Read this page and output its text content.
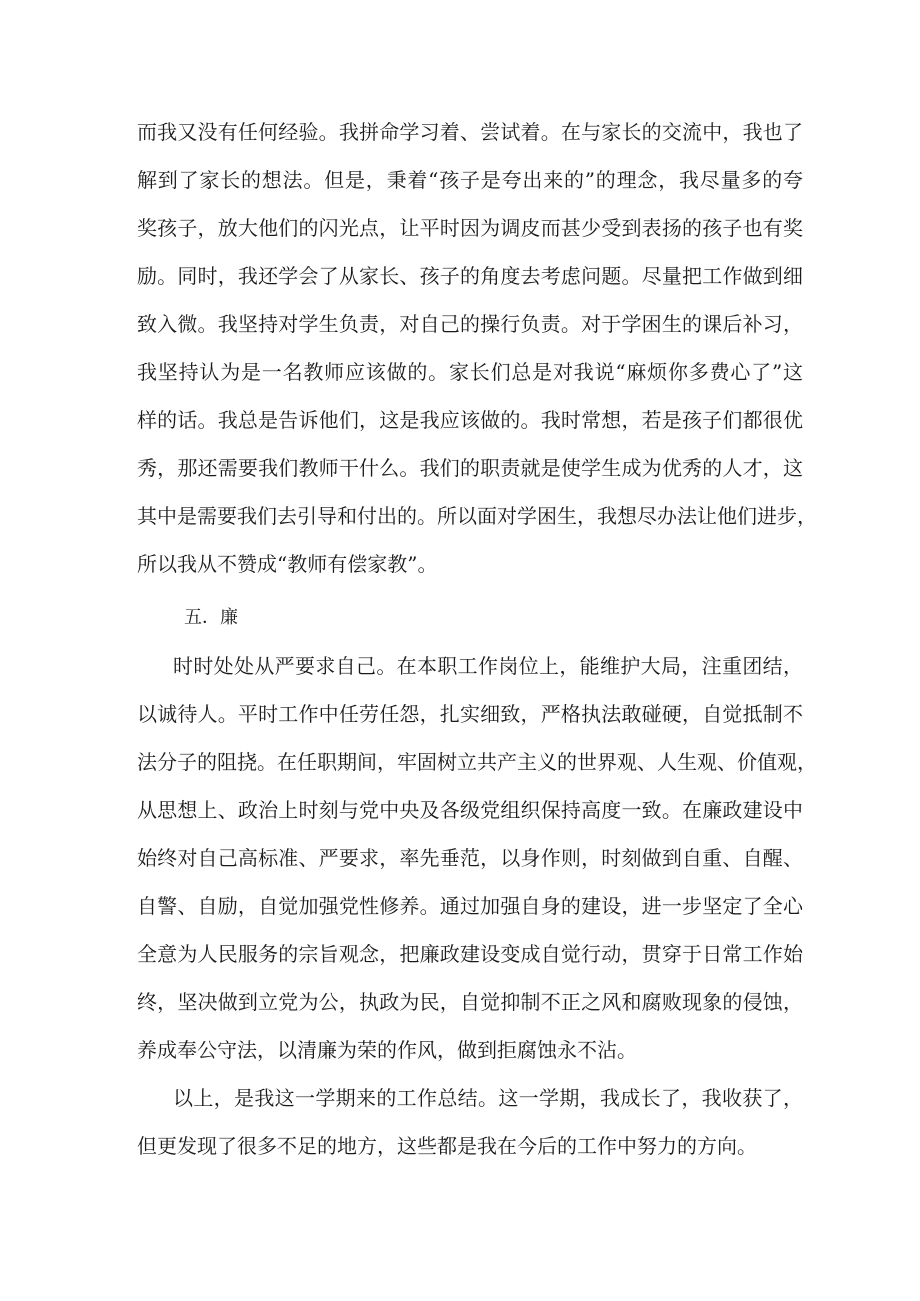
而我又没有任何经验。我拼命学习着、尝试着。在与家长的交流中，我也了
解到了家长的想法。但是，秉着“孩子是夸出来的”的理念，我尽量多的夸
奖孩子，放大他们的闪光点，让平时因为调皮而甚少受到表扬的孩子也有奖
励。同时，我还学会了从家长、孩子的角度去考虑问题。尽量把工作做到细
致入微。我坚持对学生负责，对自己的操行负责。对于学困生的课后补习，
我坚持认为是一名教师应该做的。家长们总是对我说“麻烦你多费心了”这
样的话。我总是告诉他们，这是我应该做的。我时常想，若是孩子们都很优
秀，那还需要我们教师干什么。我们的职责就是使学生成为优秀的人才，这
其中是需要我们去引导和付出的。所以面对学困生，我想尽办法让他们进步，
所以我从不赞成“教师有偿家教”。
五．廉
时时处处从严要求自己。在本职工作岗位上，能维护大局，注重团结，
以诚待人。平时工作中任劳任怨，扎实细致，严格执法敢碰硬，自觉抵制不
法分子的阻挠。在任职期间，牢固树立共产主义的世界观、人生观、价值观，
从思想上、政治上时刻与党中央及各级党组织保持高度一致。在廉政建设中
始终对自己高标准、严要求，率先垂范，以身作则，时刻做到自重、自醒、
自警、自励，自觉加强党性修养。通过加强自身的建设，进一步坚定了全心
全意为人民服务的宗旨观念，把廉政建设变成自觉行动，贯穿于日常工作始
终，坚决做到立党为公，执政为民，自觉抑制不正之风和腐败现象的侵蚀，
养成奉公守法，以清廉为荣的作风，做到拒腐蚀永不沾。
以上，是我这一学期来的工作总结。这一学期，我成长了，我收获了，
但更发现了很多不足的地方，这些都是我在今后的工作中努力的方向。
